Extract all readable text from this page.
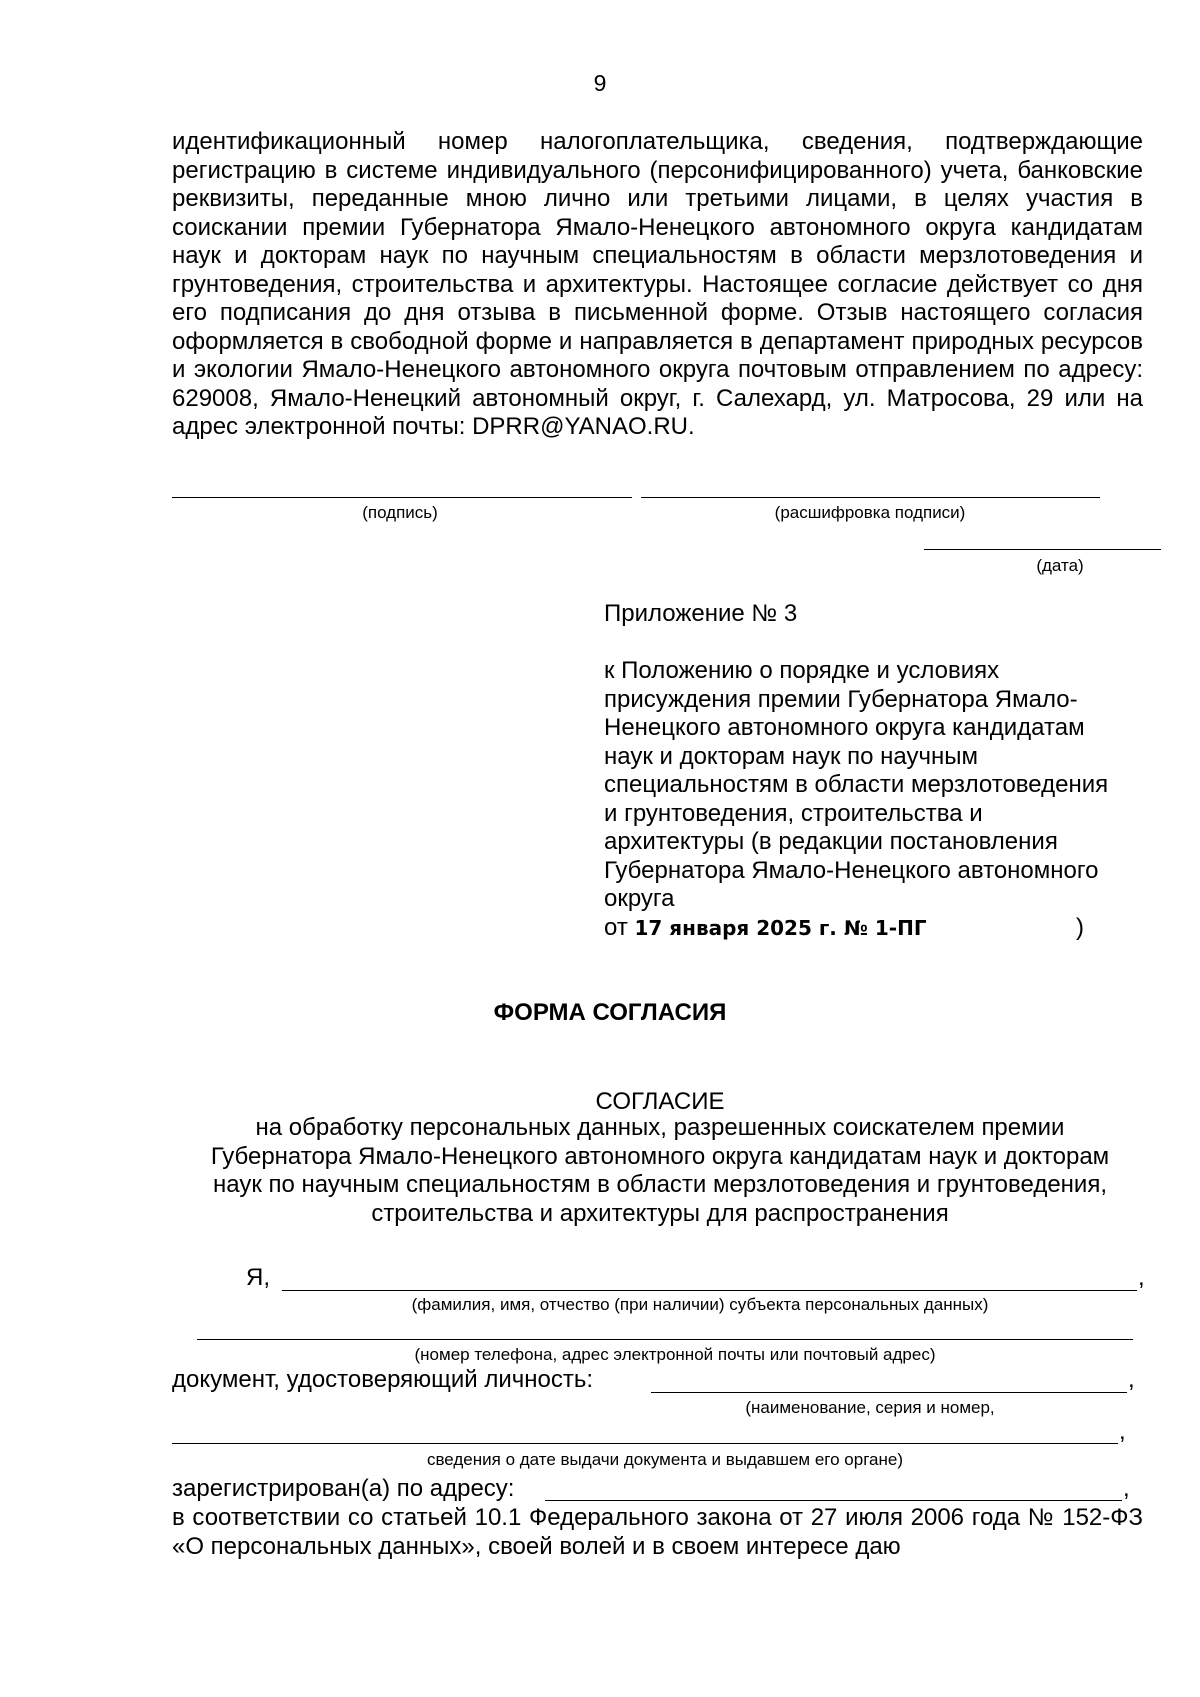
9

идентификационный номер налогоплательщика, сведения, подтверждающие регистрацию в системе индивидуального (персонифицированного) учета, банковские реквизиты, переданные мною лично или третьими лицами, в целях участия в соискании премии Губернатора Ямало-Ненецкого автономного округа кандидатам наук и докторам наук по научным специальностям в области мерзлотоведения и грунтоведения, строительства и архитектуры. Настоящее согласие действует со дня его подписания до дня отзыва в письменной форме. Отзыв настоящего согласия оформляется в свободной форме и направляется в департамент природных ресурсов и экологии Ямало-Ненецкого автономного округа почтовым отправлением по адресу: 629008, Ямало-Ненецкий автономный округ, г. Салехард, ул. Матросова, 29 или на адрес электронной почты: DPRR@YANAO.RU.

(подпись)	(расшифровка подписи)
(дата)
Приложение № 3
к Положению о порядке и условиях присуждения премии Губернатора Ямало-Ненецкого автономного округа кандидатам наук и докторам наук по научным специальностям в области мерзлотоведения и грунтоведения, строительства и архитектуры (в редакции постановления Губернатора Ямало-Ненецкого автономного округа
от 17 января 2025 г. № 1-ПГ	)
ФОРМА СОГЛАСИЯ
СОГЛАСИЕ
на обработку персональных данных, разрешенных соискателем премии Губернатора Ямало-Ненецкого автономного округа кандидатам наук и докторам наук по научным специальностям в области мерзлотоведения и грунтоведения, строительства и архитектуры для распространения
Я,	,
(фамилия, имя, отчество (при наличии) субъекта персональных данных)
(номер телефона, адрес электронной почты или почтовый адрес)
документ, удостоверяющий личность:	,
(наименование, серия и номер,
,
сведения о дате выдачи документа и выдавшем его органе)
зарегистрирован(а) по адресу:	,

в соответствии со статьей 10.1 Федерального закона от 27 июля 2006 года № 152-ФЗ «О персональных данных», своей волей и в своем интересе даю
